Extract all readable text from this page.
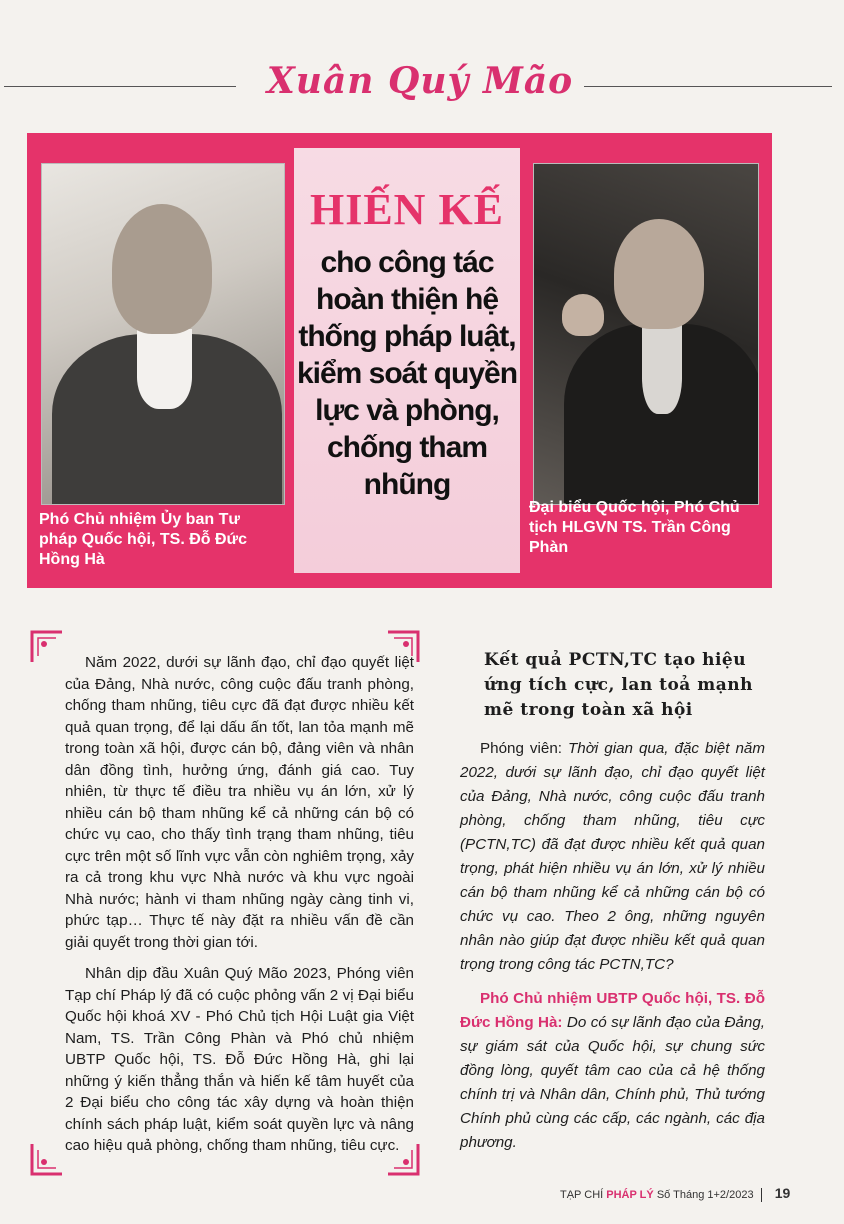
Xuân Quý Mão
Phó Chủ nhiệm Ủy ban Tư pháp Quốc hội, TS. Đỗ Đức Hồng Hà
HIẾN KẾ
cho công tác hoàn thiện hệ thống pháp luật, kiểm soát quyền lực và phòng, chống tham nhũng
Đại biểu Quốc hội, Phó Chủ tịch HLGVN TS. Trần Công Phàn

Năm 2022, dưới sự lãnh đạo, chỉ đạo quyết liệt của Đảng, Nhà nước, công cuộc đấu tranh phòng, chống tham nhũng, tiêu cực đã đạt được nhiều kết quả quan trọng, để lại dấu ấn tốt, lan tỏa mạnh mẽ trong toàn xã hội, được cán bộ, đảng viên và nhân dân đồng tình, hưởng ứng, đánh giá cao. Tuy nhiên, từ thực tế điều tra nhiều vụ án lớn, xử lý nhiều cán bộ tham nhũng kể cả những cán bộ có chức vụ cao, cho thấy tình trạng tham nhũng, tiêu cực trên một số lĩnh vực vẫn còn nghiêm trọng, xảy ra cả trong khu vực Nhà nước và khu vực ngoài Nhà nước; hành vi tham nhũng ngày càng tinh vi, phức tạp… Thực tế này đặt ra nhiều vấn đề cần giải quyết trong thời gian tới.

Nhân dịp đầu Xuân Quý Mão 2023, Phóng viên Tạp chí Pháp lý đã có cuộc phỏng vấn 2 vị Đại biểu Quốc hội khoá XV - Phó Chủ tịch Hội Luật gia Việt Nam, TS. Trần Công Phàn và Phó chủ nhiệm UBTP Quốc hội, TS. Đỗ Đức Hồng Hà, ghi lại những ý kiến thẳng thắn và hiến kế tâm huyết của 2 Đại biểu cho công tác xây dựng và hoàn thiện chính sách pháp luật, kiểm soát quyền lực và nâng cao hiệu quả phòng, chống tham nhũng, tiêu cực.

Kết quả PCTN,TC tạo hiệu ứng tích cực, lan toả mạnh mẽ trong toàn xã hội

Phóng viên: Thời gian qua, đặc biệt năm 2022, dưới sự lãnh đạo, chỉ đạo quyết liệt của Đảng, Nhà nước, công cuộc đấu tranh phòng, chống tham nhũng, tiêu cực (PCTN,TC) đã đạt được nhiều kết quả quan trọng, phát hiện nhiều vụ án lớn, xử lý nhiều cán bộ tham nhũng kể cả những cán bộ có chức vụ cao. Theo 2 ông, những nguyên nhân nào giúp đạt được nhiều kết quả quan trọng trong công tác PCTN,TC?

Phó Chủ nhiệm UBTP Quốc hội, TS. Đỗ Đức Hồng Hà: Do có sự lãnh đạo của Đảng, sự giám sát của Quốc hội, sự chung sức đồng lòng, quyết tâm cao của cả hệ thống chính trị và Nhân dân, Chính phủ, Thủ tướng Chính phủ cùng các cấp, các ngành, các địa phương.

TẠP CHÍ PHÁP LÝ Số Tháng 1+2/2023 19
